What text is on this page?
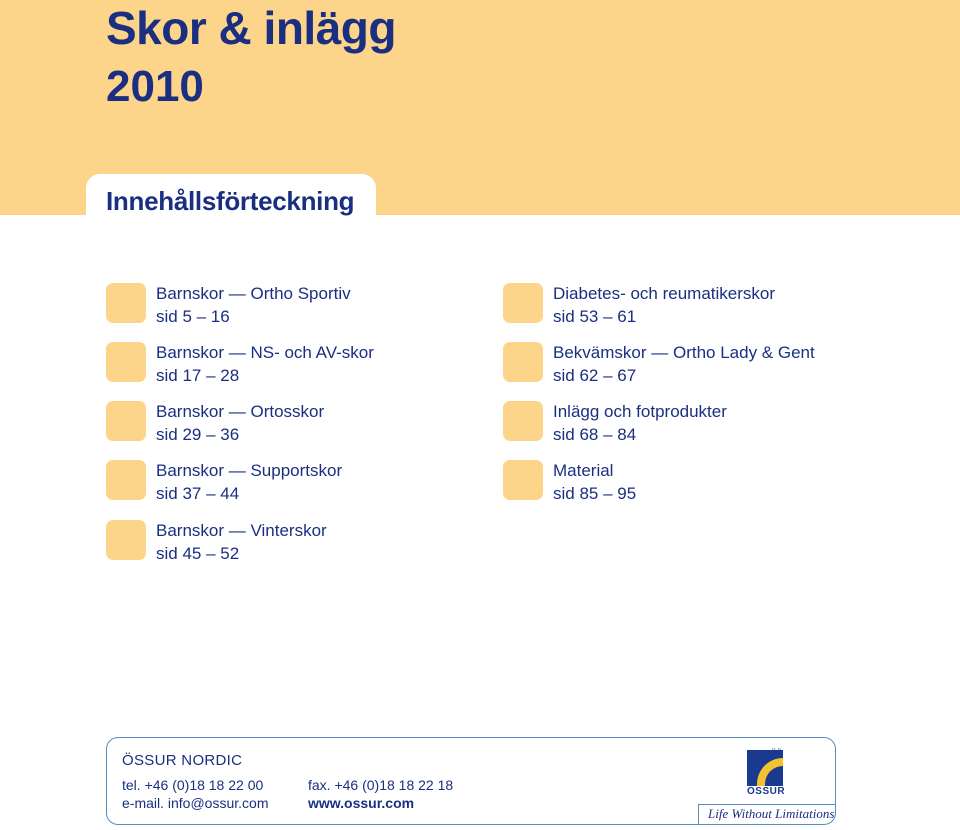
Skor & inlägg
2010
Innehållsförteckning
Barnskor — Ortho Sportiv
sid 5 – 16
Barnskor — NS- och AV-skor
sid 17 – 28
Barnskor — Ortosskor
sid 29 – 36
Barnskor — Supportskor
sid 37 – 44
Barnskor — Vinterskor
sid 45 – 52
Diabetes- och reumatikerskor
sid 53 – 61
Bekvämskor — Ortho Lady & Gent
sid 62 – 67
Inlägg och fotprodukter
sid 68 – 84
Material
sid 85 – 95
ÖSSUR NORDIC
tel. +46 (0)18 18 22 00	fax. +46 (0)18 18 22 18
e-mail. info@ossur.com	www.ossur.com
öö
ÖSSUR
Life Without Limitations
